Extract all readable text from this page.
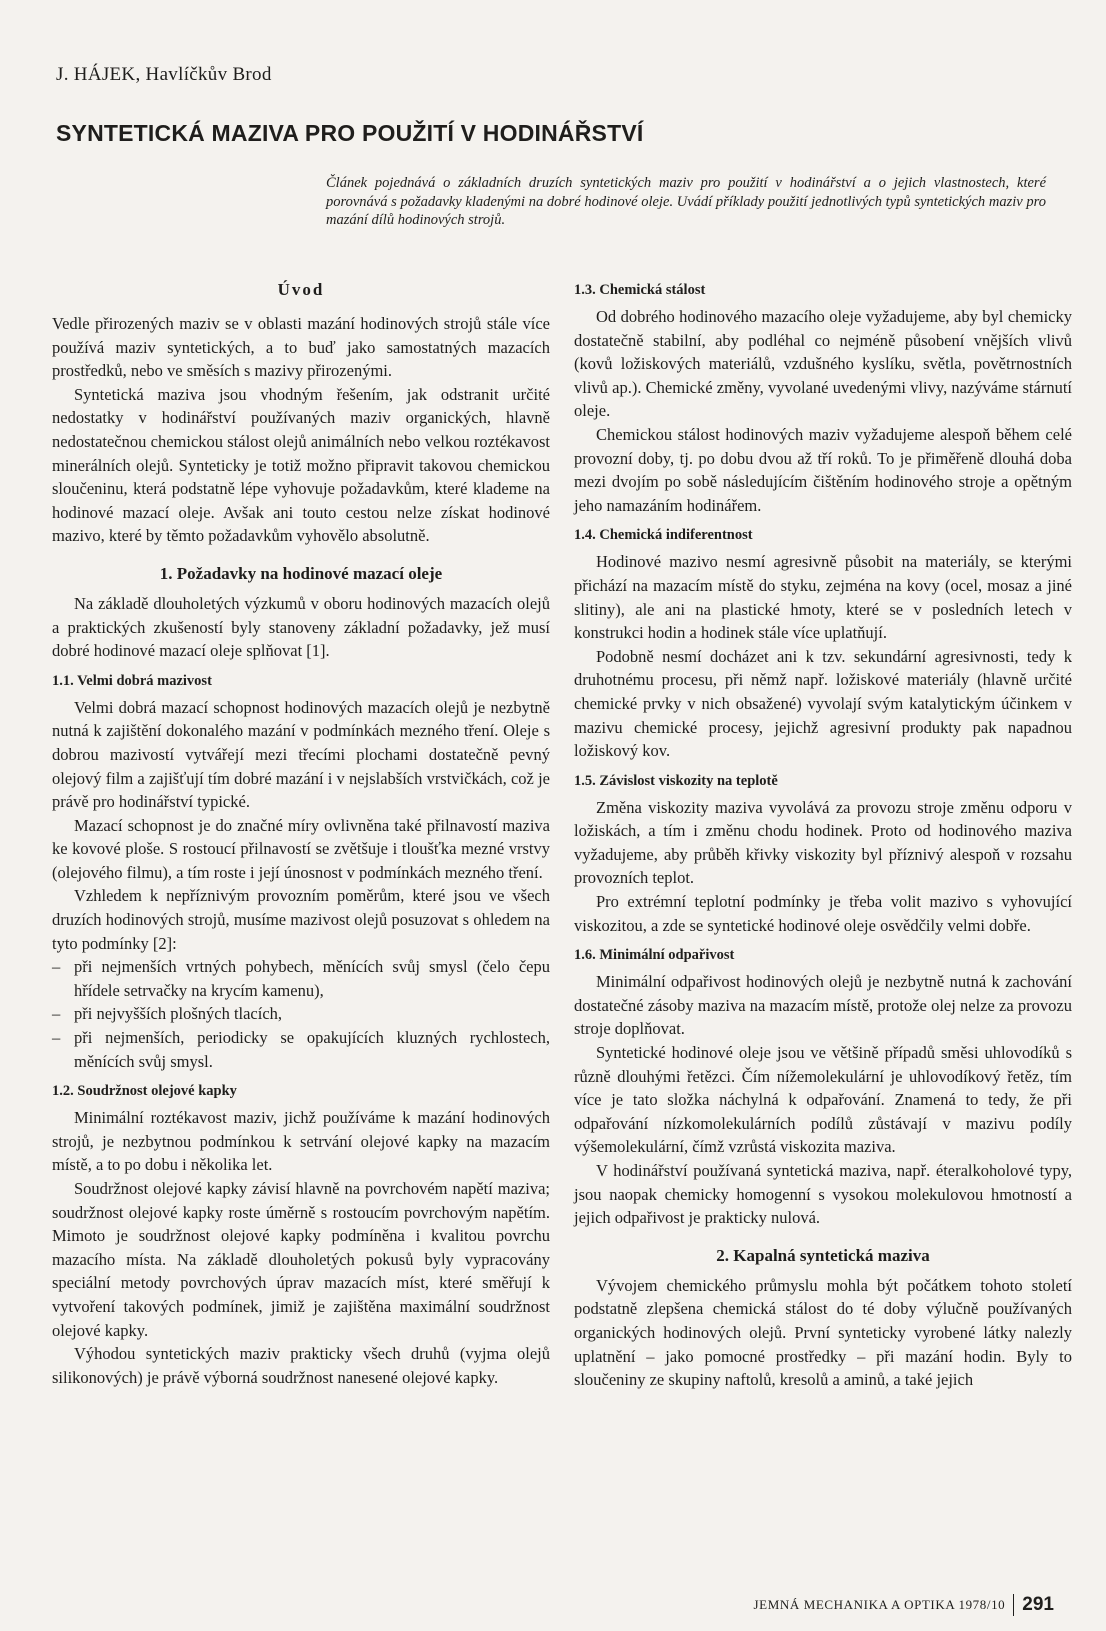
J. HÁJEK, Havlíčkův Brod
SYNTETICKÁ MAZIVA PRO POUŽITÍ V HODINÁŘSTVÍ
Článek pojednává o základních druzích syntetických maziv pro použití v hodinářství a o jejich vlastnostech, které porovnává s požadavky kladenými na dobré hodinové oleje. Uvádí příklady použití jednotlivých typů syntetických maziv pro mazání dílů hodinových strojů.
Úvod

Vedle přirozených maziv se v oblasti mazání hodinových strojů stále více používá maziv syntetických, a to buď jako samostatných mazacích prostředků, nebo ve směsích s mazivy přirozenými.

Syntetická maziva jsou vhodným řešením, jak odstranit určité nedostatky v hodinářství používaných maziv organických, hlavně nedostatečnou chemickou stálost olejů animálních nebo velkou roztékavost minerálních olejů. Synteticky je totiž možno připravit takovou chemickou sloučeninu, která podstatně lépe vyhovuje požadavkům, které klademe na hodinové mazací oleje. Avšak ani touto cestou nelze získat hodinové mazivo, které by těmto požadavkům vyhovělo absolutně.

1. Požadavky na hodinové mazací oleje

Na základě dlouholetých výzkumů v oboru hodinových mazacích olejů a praktických zkušeností byly stanoveny základní požadavky, jež musí dobré hodinové mazací oleje splňovat [1].

1.1. Velmi dobrá mazivost

Velmi dobrá mazací schopnost hodinových mazacích olejů je nezbytně nutná k zajištění dokonalého mazání v podmínkách mezného tření. Oleje s dobrou mazivostí vytvářejí mezi třecími plochami dostatečně pevný olejový film a zajišťují tím dobré mazání i v nejslabších vrstvičkách, což je právě pro hodinářství typické.

Mazací schopnost je do značné míry ovlivněna také přilnavostí maziva ke kovové ploše. S rostoucí přilnavostí se zvětšuje i tloušťka mezné vrstvy (olejového filmu), a tím roste i její únosnost v podmínkách mezného tření.

Vzhledem k nepříznivým provozním poměrům, které jsou ve všech druzích hodinových strojů, musíme mazivost olejů posuzovat s ohledem na tyto podmínky [2]:

– při nejmenších vrtných pohybech, měnících svůj smysl (čelo čepu hřídele setrvačky na krycím kamenu),
– při nejvyšších plošných tlacích,
– při nejmenších, periodicky se opakujících kluzných rychlostech, měnících svůj smysl.
1.2. Soudržnost olejové kapky

Minimální roztékavost maziv, jichž používáme k mazání hodinových strojů, je nezbytnou podmínkou k setrvání olejové kapky na mazacím místě, a to po dobu i několika let.

Soudržnost olejové kapky závisí hlavně na povrchovém napětí maziva; soudržnost olejové kapky roste úměrně s rostoucím povrchovým napětím. Mimoto je soudržnost olejové kapky podmíněna i kvalitou povrchu mazacího místa. Na základě dlouholetých pokusů byly vypracovány speciální metody povrchových úprav mazacích míst, které směřují k vytvoření takových podmínek, jimiž je zajištěna maximální soudržnost olejové kapky.

Výhodou syntetických maziv prakticky všech druhů (vyjma olejů silikonových) je právě výborná soudržnost nanesené olejové kapky.

1.3. Chemická stálost

Od dobrého hodinového mazacího oleje vyžadujeme, aby byl chemicky dostatečně stabilní, aby podléhal co nejméně působení vnějších vlivů (kovů ložiskových materiálů, vzdušného kyslíku, světla, povětrnostních vlivů ap.). Chemické změny, vyvolané uvedenými vlivy, nazýváme stárnutí oleje.

Chemickou stálost hodinových maziv vyžadujeme alespoň během celé provozní doby, tj. po dobu dvou až tří roků. To je přiměřeně dlouhá doba mezi dvojím po sobě následujícím čištěním hodinového stroje a opětným jeho namazáním hodinářem.

1.4. Chemická indiferentnost

Hodinové mazivo nesmí agresivně působit na materiály, se kterými přichází na mazacím místě do styku, zejména na kovy (ocel, mosaz a jiné slitiny), ale ani na plastické hmoty, které se v posledních letech v konstrukci hodin a hodinek stále více uplatňují.

Podobně nesmí docházet ani k tzv. sekundární agresivnosti, tedy k druhotnému procesu, při němž např. ložiskové materiály (hlavně určité chemické prvky v nich obsažené) vyvolají svým katalytickým účinkem v mazivu chemické procesy, jejichž agresivní produkty pak napadnou ložiskový kov.

1.5. Závislost viskozity na teplotě

Změna viskozity maziva vyvolává za provozu stroje změnu odporu v ložiskách, a tím i změnu chodu hodinek. Proto od hodinového maziva vyžadujeme, aby průběh křivky viskozity byl příznivý alespoň v rozsahu provozních teplot.

Pro extrémní teplotní podmínky je třeba volit mazivo s vyhovující viskozitou, a zde se syntetické hodinové oleje osvědčily velmi dobře.

1.6. Minimální odpařivost

Minimální odpařivost hodinových olejů je nezbytně nutná k zachování dostatečné zásoby maziva na mazacím místě, protože olej nelze za provozu stroje doplňovat.

Syntetické hodinové oleje jsou ve většině případů směsi uhlovodíků s různě dlouhými řetězci. Čím nížemolekulární je uhlovodíkový řetěz, tím více je tato složka náchylná k odpařování. Znamená to tedy, že při odpařování nízkomolekulárních podílů zůstávají v mazivu podíly výšemolekulární, čímž vzrůstá viskozita maziva.

V hodinářství používaná syntetická maziva, např. éteralkoholové typy, jsou naopak chemicky homogenní s vysokou molekulovou hmotností a jejich odpařivost je prakticky nulová.

2. Kapalná syntetická maziva

Vývojem chemického průmyslu mohla být počátkem tohoto století podstatně zlepšena chemická stálost do té doby výlučně používaných organických hodinových olejů. První synteticky vyrobené látky nalezly uplatnění – jako pomocné prostředky – při mazání hodin. Byly to sloučeniny ze skupiny naftolů, kresolů a aminů, a také jejich

JEMNÁ MECHANIKA A OPTIKA 1978/10 291
